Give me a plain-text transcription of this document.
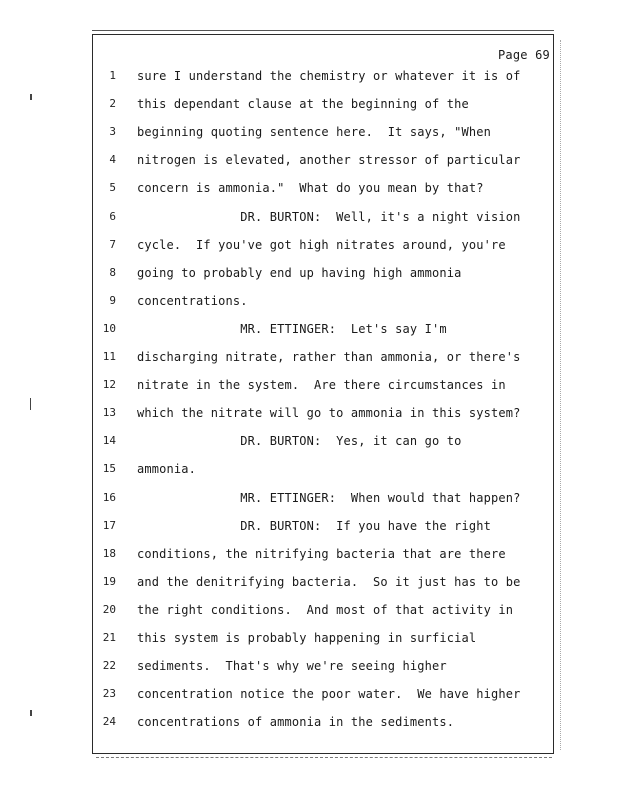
Page 69
1 sure I understand the chemistry or whatever it is of
2 this dependant clause at the beginning of the
3 beginning quoting sentence here.  It says, "When
4 nitrogen is elevated, another stressor of particular
5 concern is ammonia."  What do you mean by that?
6 DR. BURTON:  Well, it's a night vision
7 cycle.  If you've got high nitrates around, you're
8 going to probably end up having high ammonia
9 concentrations.
10 MR. ETTINGER:  Let's say I'm
11 discharging nitrate, rather than ammonia, or there's
12 nitrate in the system.  Are there circumstances in
13 which the nitrate will go to ammonia in this system?
14 DR. BURTON:  Yes, it can go to
15 ammonia.
16 MR. ETTINGER:  When would that happen?
17 DR. BURTON:  If you have the right
18 conditions, the nitrifying bacteria that are there
19 and the denitrifying bacteria.  So it just has to be
20 the right conditions.  And most of that activity in
21 this system is probably happening in surficial
22 sediments.  That's why we're seeing higher
23 concentration notice the poor water.  We have higher
24 concentrations of ammonia in the sediments.
